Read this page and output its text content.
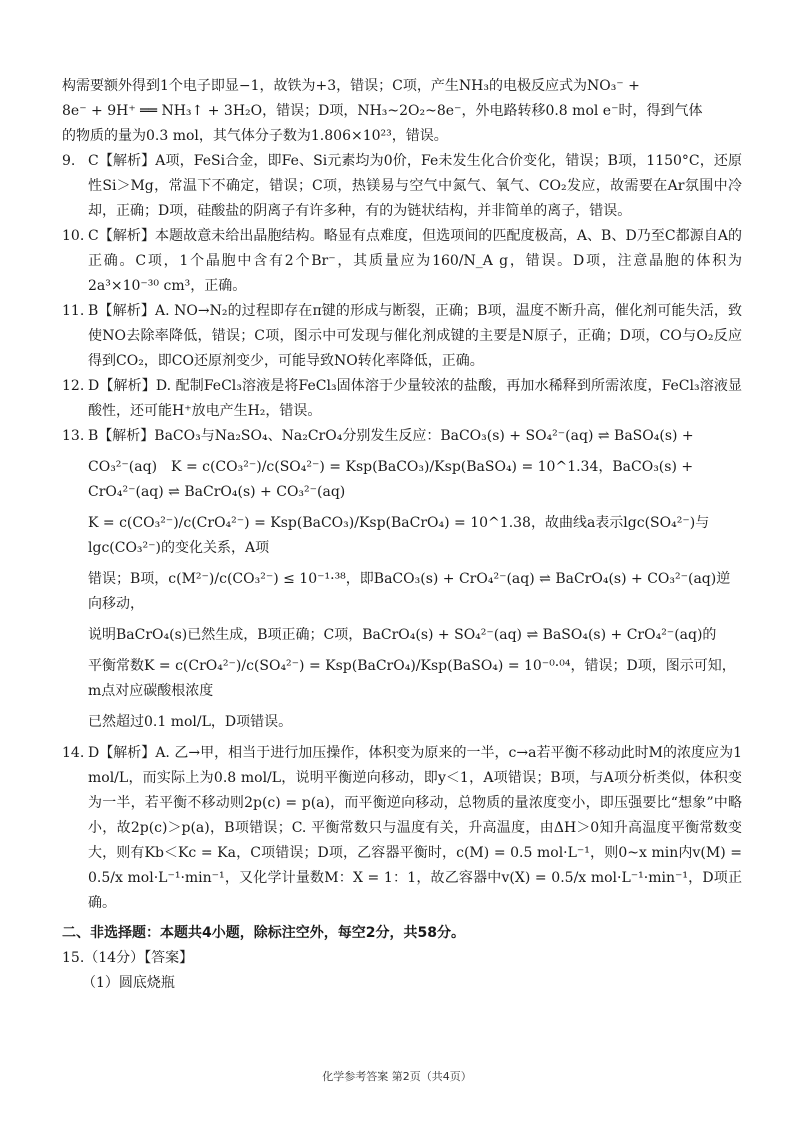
构需要额外得到1个电子即显−1，故铁为+3，错误；C项，产生NH₃的电极反应式为NO₃⁻ +

8e⁻ + 9H⁺ ══ NH₃↑ + 3H₂O，错误；D项，NH₃~2O₂~8e⁻，外电路转移0.8 mol e⁻时，得到气体

的物质的量为0.3 mol，其气体分子数为1.806×10²³，错误。

9. C【解析】A项，FeSi合金，即Fe、Si元素均为0价，Fe未发生化合价变化，错误；B项，1150°C，还原性Si＞Mg，常温下不确定，错误；C项，热镁易与空气中氮气、氧气、CO₂发应，故需要在Ar氛围中冷却，正确；D项，硅酸盐的阴离子有许多种，有的为链状结构，并非简单的离子，错误。
10. C【解析】本题故意未给出晶胞结构。略显有点难度，但选项间的匹配度极高，A、B、D乃至C都源自A的正确。C项，1个晶胞中含有2个Br⁻，其质量应为160/N_A g，错误。D项，注意晶胞的体积为2a³×10⁻³⁰ cm³，正确。
11. B【解析】A. NO→N₂的过程即存在π键的形成与断裂，正确；B项，温度不断升高，催化剂可能失活，致使NO去除率降低，错误；C项，图示中可发现与催化剂成键的主要是N原子，正确；D项，CO与O₂反应得到CO₂，即CO还原剂变少，可能导致NO转化率降低，正确。
12. D【解析】D. 配制FeCl₃溶液是将FeCl₃固体溶于少量较浓的盐酸，再加水稀释到所需浓度，FeCl₃溶液显酸性，还可能H⁺放电产生H₂，错误。
13. B【解析】BaCO₃与Na₂SO₄、Na₂CrO₄分别发生反应：BaCO₃(s) + SO₄²⁻(aq) ⇌ BaSO₄(s) +
CO₃²⁻(aq)　K = c(CO₃²⁻)/c(SO₄²⁻) = Ksp(BaCO₃)/Ksp(BaSO₄) = 10^1.34，BaCO₃(s) + CrO₄²⁻(aq) ⇌ BaCrO₄(s) + CO₃²⁻(aq)
K = c(CO₃²⁻)/c(CrO₄²⁻) = Ksp(BaCO₃)/Ksp(BaCrO₄) = 10^1.38，故曲线a表示lgc(SO₄²⁻)与lgc(CO₃²⁻)的变化关系，A项
错误；B项，c(M²⁻)/c(CO₃²⁻) ≤ 10⁻¹·³⁸，即BaCO₃(s) + CrO₄²⁻(aq) ⇌ BaCrO₄(s) + CO₃²⁻(aq)逆向移动，
说明BaCrO₄(s)已然生成，B项正确；C项，BaCrO₄(s) + SO₄²⁻(aq) ⇌ BaSO₄(s) + CrO₄²⁻(aq)的
平衡常数K = c(CrO₄²⁻)/c(SO₄²⁻) = Ksp(BaCrO₄)/Ksp(BaSO₄) = 10⁻⁰·⁰⁴，错误；D项，图示可知，m点对应碳酸根浓度
已然超过0.1 mol/L，D项错误。
14. D【解析】A. 乙→甲，相当于进行加压操作，体积变为原来的一半，c→a若平衡不移动此时M的浓度应为1 mol/L，而实际上为0.8 mol/L，说明平衡逆向移动，即y＜1，A项错误；B项，与A项分析类似，体积变为一半，若平衡不移动则2p(c) = p(a)，而平衡逆向移动，总物质的量浓度变小，即压强要比“想象”中略小，故2p(c)＞p(a)，B项错误；C. 平衡常数只与温度有关，升高温度，由ΔH＞0知升高温度平衡常数变大，则有Kb＜Kc = Ka，C项错误；D项，乙容器平衡时，c(M) = 0.5 mol·L⁻¹，则0~x min内v(M) = 0.5/x mol·L⁻¹·min⁻¹，又化学计量数M：X = 1：1，故乙容器中v(X) = 0.5/x mol·L⁻¹·min⁻¹，D项正确。
二、非选择题：本题共4小题，除标注空外，每空2分，共58分。
15.（14分）【答案】
（1）圆底烧瓶
化学参考答案 第2页（共4页）
